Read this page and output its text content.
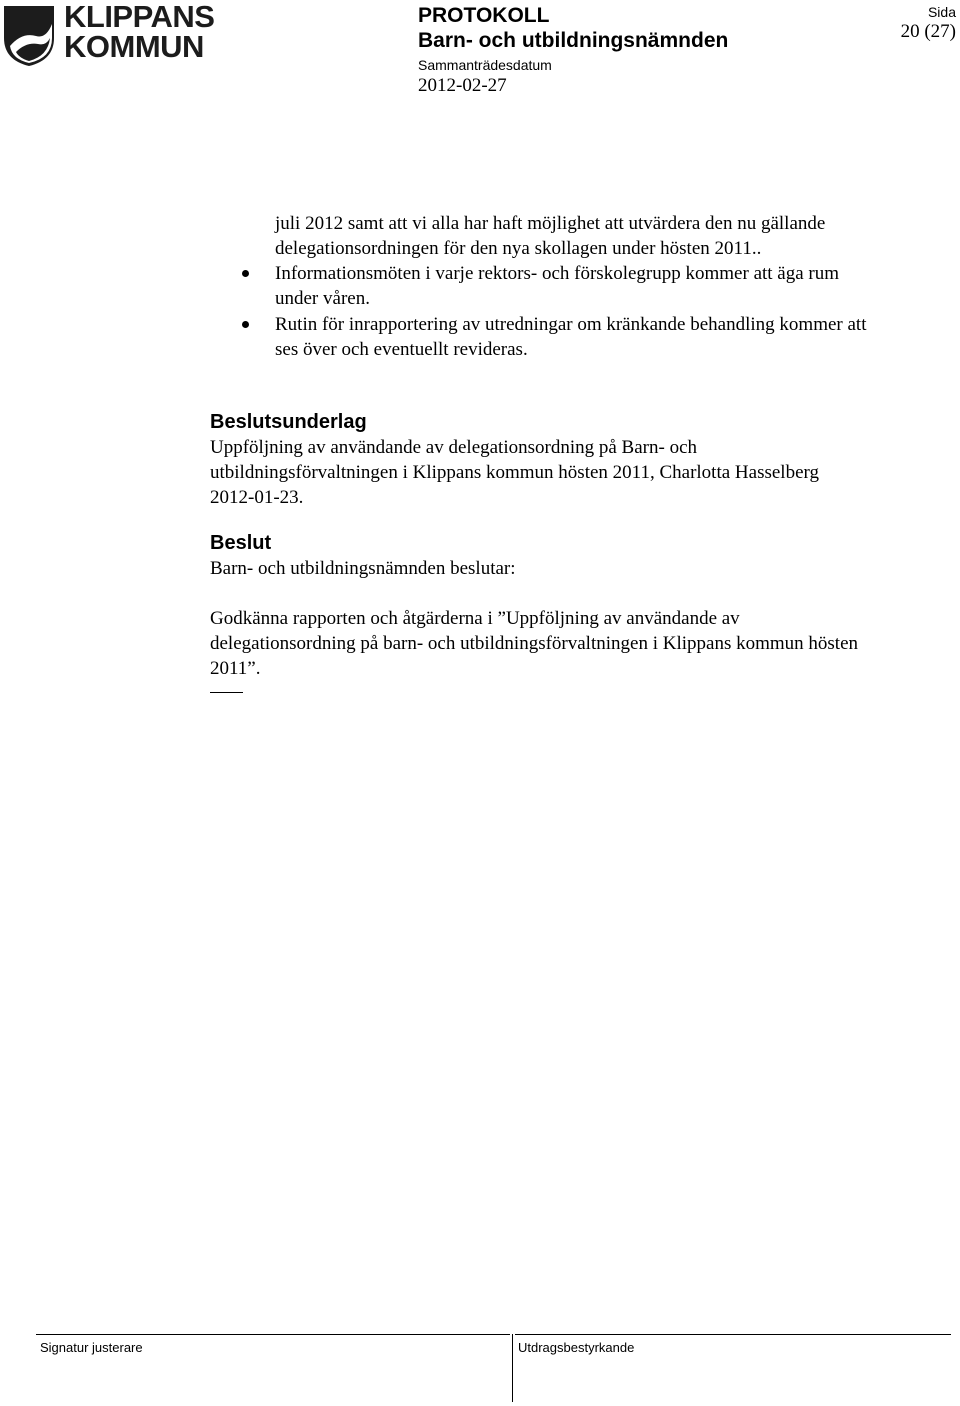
KLIPPANS
KOMMUN
PROTOKOLL
Barn- och utbildningsnämnden
Sammanträdesdatum
2012-02-27
Sida
20 (27)
juli 2012 samt att vi alla har haft möjlighet att utvärdera den nu gällande
delegationsordningen för den nya skollagen under hösten 2011..
Informationsmöten i varje rektors- och förskolegrupp kommer att äga rum
under våren.
Rutin för inrapportering av utredningar om kränkande behandling kommer att
ses över och eventuellt revideras.
Beslutsunderlag
Uppföljning av användande av delegationsordning på Barn- och
utbildningsförvaltningen i Klippans kommun hösten 2011, Charlotta Hasselberg
2012-01-23.
Beslut
Barn- och utbildningsnämnden beslutar:
Godkänna rapporten och åtgärderna i ”Uppföljning av användande av
delegationsordning på barn- och utbildningsförvaltningen i Klippans kommun hösten
2011”.
Signatur justerare	Utdragsbestyrkande
